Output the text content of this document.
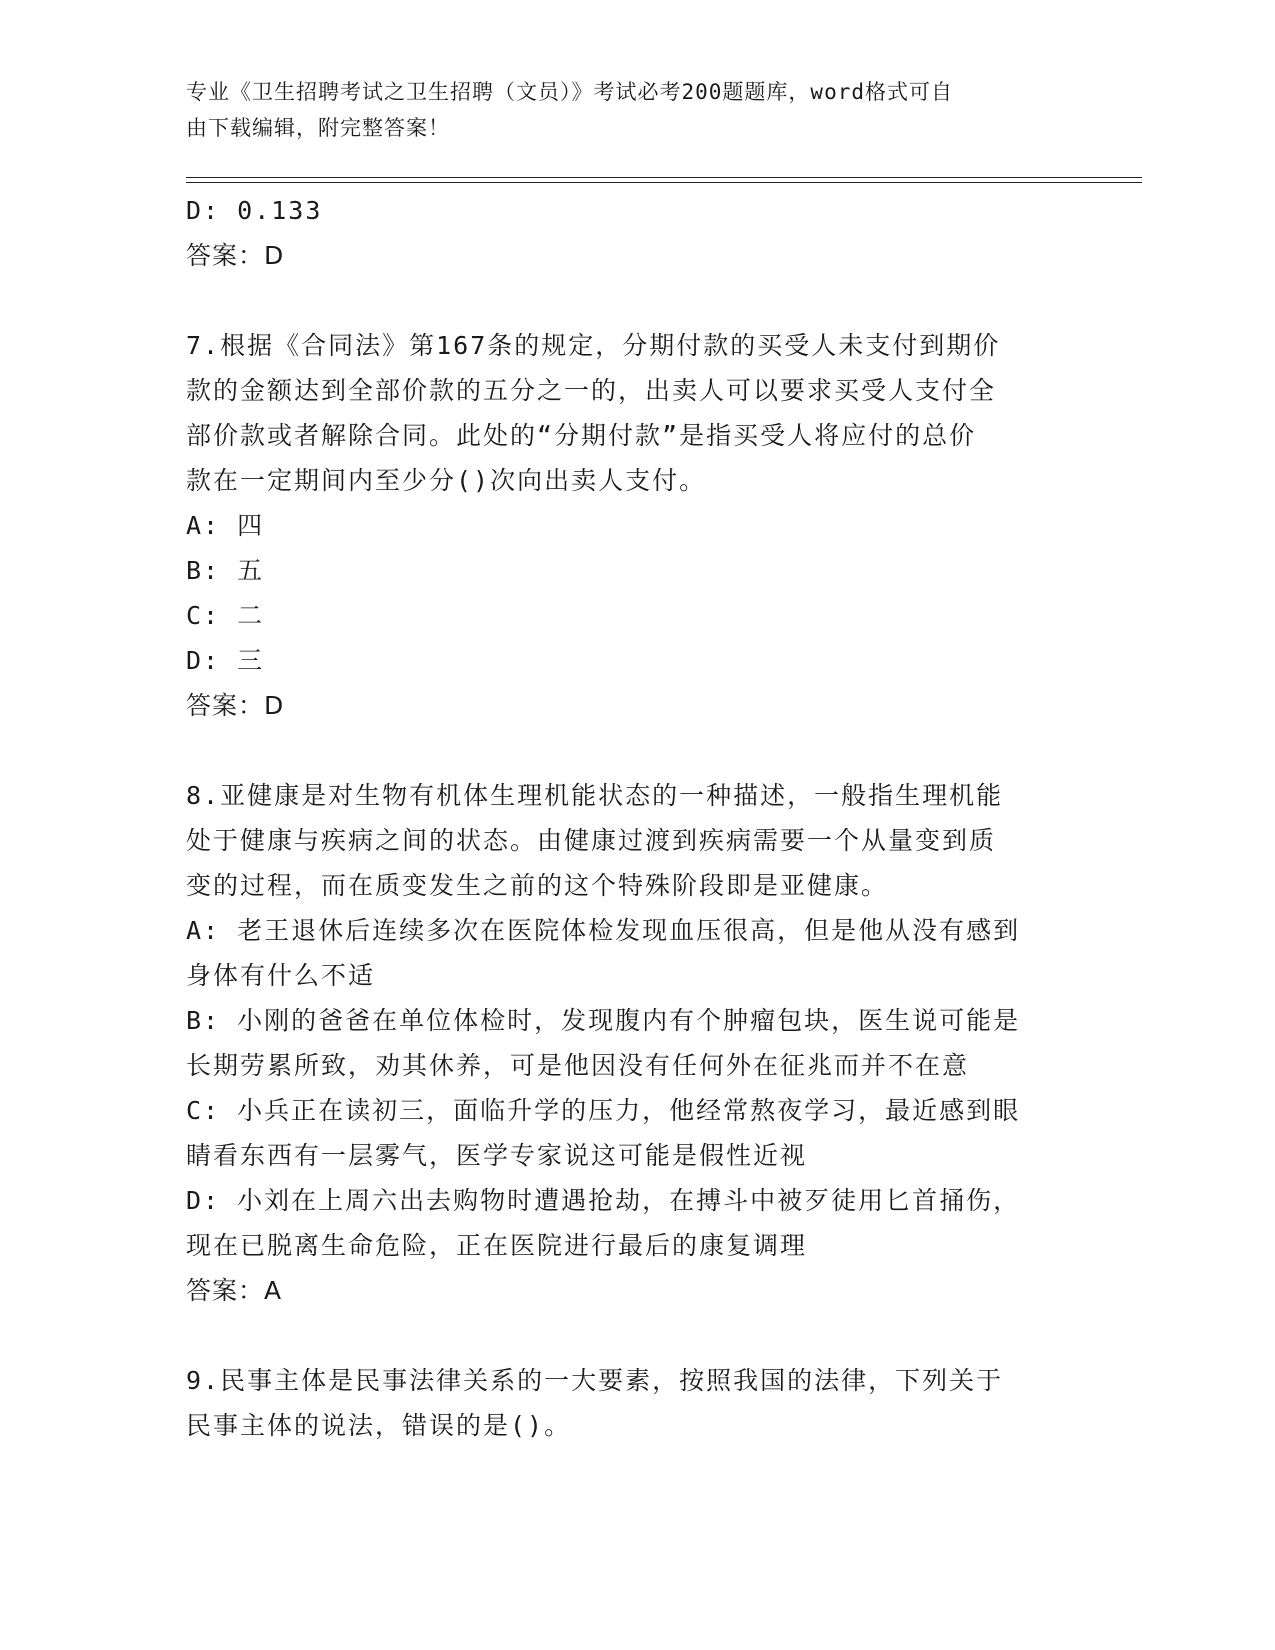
专业《卫生招聘考试之卫生招聘（文员）》考试必考200题题库，word格式可自
由下载编辑，附完整答案！
D: 0.133
答案：D
7.根据《合同法》第167条的规定，分期付款的买受人未支付到期价
款的金额达到全部价款的五分之一的，出卖人可以要求买受人支付全
部价款或者解除合同。此处的“分期付款”是指买受人将应付的总价
款在一定期间内至少分()次向出卖人支付。
A: 四
B: 五
C: 二
D: 三
答案：D
8.亚健康是对生物有机体生理机能状态的一种描述，一般指生理机能
处于健康与疾病之间的状态。由健康过渡到疾病需要一个从量变到质
变的过程，而在质变发生之前的这个特殊阶段即是亚健康。
A: 老王退休后连续多次在医院体检发现血压很高，但是他从没有感到
身体有什么不适
B: 小刚的爸爸在单位体检时，发现腹内有个肿瘤包块，医生说可能是
长期劳累所致，劝其休养，可是他因没有任何外在征兆而并不在意
C: 小兵正在读初三，面临升学的压力，他经常熬夜学习，最近感到眼
睛看东西有一层雾气，医学专家说这可能是假性近视
D: 小刘在上周六出去购物时遭遇抢劫，在搏斗中被歹徒用匕首捅伤，
现在已脱离生命危险，正在医院进行最后的康复调理
答案：A
9.民事主体是民事法律关系的一大要素，按照我国的法律，下列关于
民事主体的说法，错误的是()。
